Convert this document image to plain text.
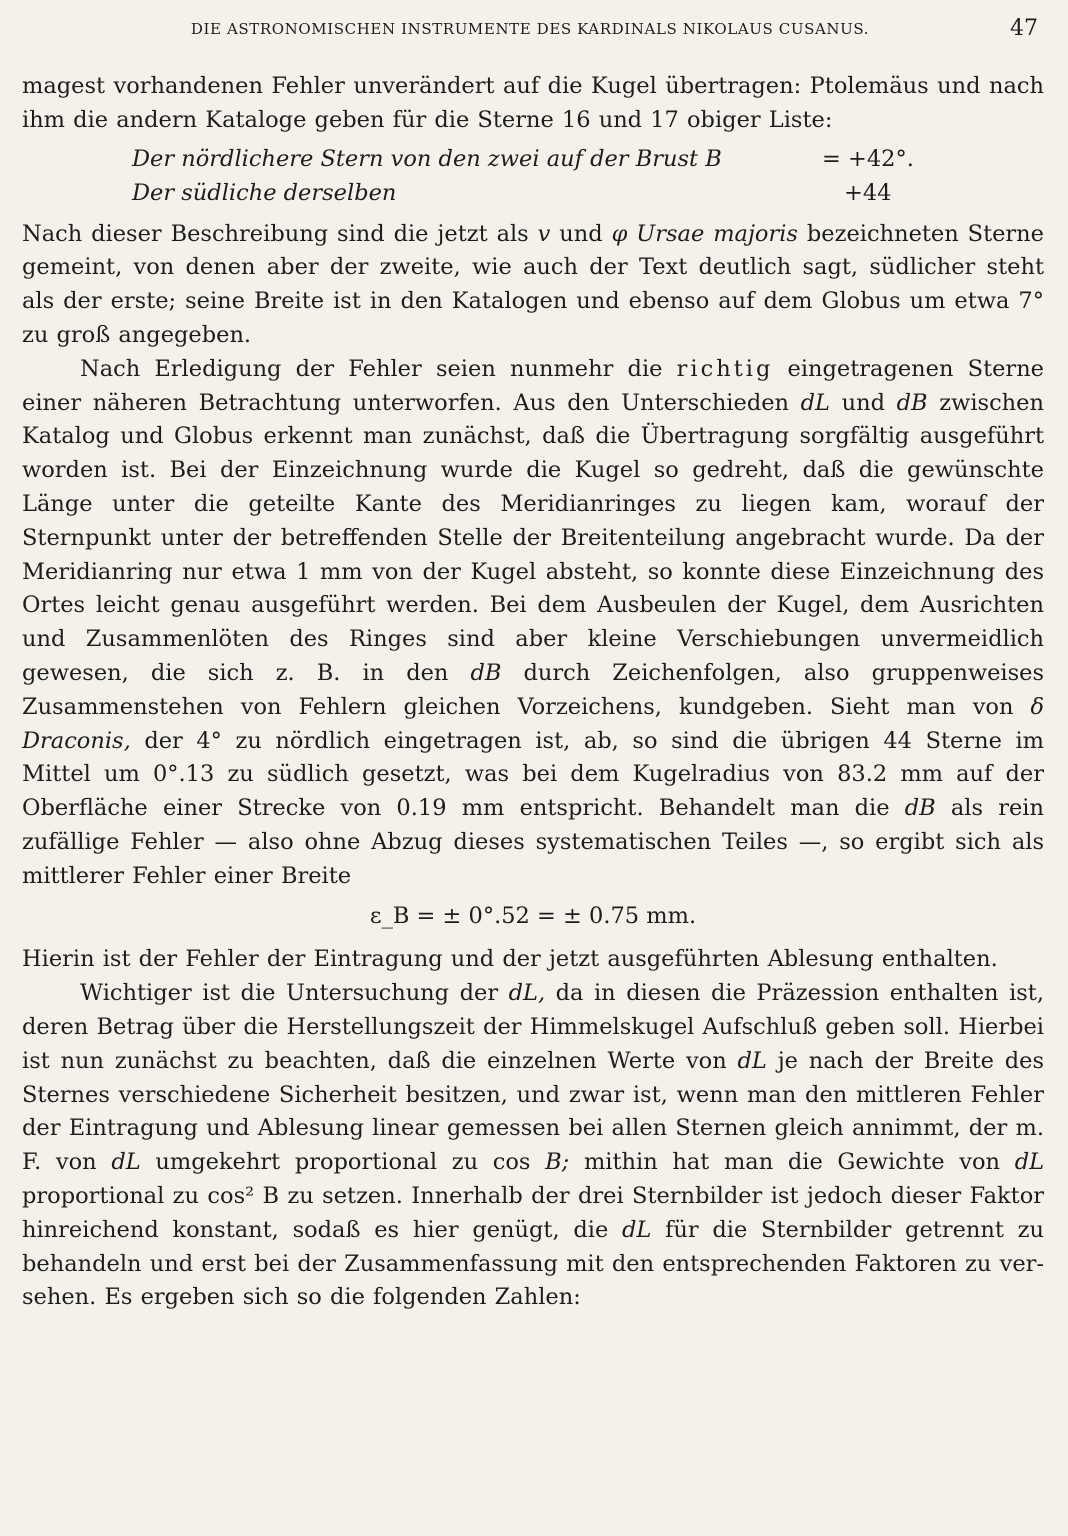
DIE ASTRONOMISCHEN INSTRUMENTE DES KARDINALS NIKOLAUS CUSANUS.	47

magest vorhandenen Fehler unverändert auf die Kugel übertragen: Ptolemäus und nach ihm die andern Kataloge geben für die Sterne 16 und 17 obiger Liste:

Der nördlichere Stern von den zwei auf der Brust B	= +42°.
Der südliche derselben	+44

Nach dieser Beschreibung sind die jetzt als v und φ Ursae majoris bezeichneten Sterne gemeint, von denen aber der zweite, wie auch der Text deutlich sagt, südlicher steht als der erste; seine Breite ist in den Katalogen und ebenso auf dem Globus um etwa 7° zu groß angegeben.

Nach Erledigung der Fehler seien nunmehr die richtig eingetragenen Sterne einer näheren Betrachtung unterworfen. Aus den Unterschieden dL und dB zwischen Katalog und Globus erkennt man zunächst, daß die Übertragung sorgfältig ausgeführt worden ist. Bei der Einzeichnung wurde die Kugel so gedreht, daß die gewünschte Länge unter die geteilte Kante des Meridianringes zu liegen kam, worauf der Sternpunkt unter der betreffenden Stelle der Breitenteilung angebracht wurde. Da der Meridianring nur etwa 1 mm von der Kugel absteht, so konnte diese Einzeichnung des Ortes leicht genau ausgeführt werden. Bei dem Ausbeulen der Kugel, dem Ausrichten und Zusammenlöten des Ringes sind aber kleine Verschiebungen unvermeidlich gewesen, die sich z. B. in den dB durch Zeichenfolgen, also gruppenweises Zusammenstehen von Fehlern gleichen Vorzeichens, kundgeben. Sieht man von δ Draconis, der 4° zu nördlich eingetragen ist, ab, so sind die übrigen 44 Sterne im Mittel um 0°.13 zu südlich gesetzt, was bei dem Kugelradius von 83.2 mm auf der Oberfläche einer Strecke von 0.19 mm entspricht. Behandelt man die dB als rein zufällige Fehler — also ohne Abzug dieses systematischen Teiles —, so ergibt sich als mittlerer Fehler einer Breite

ε_B = ± 0°.52 = ± 0.75 mm.

Hierin ist der Fehler der Eintragung und der jetzt ausgeführten Ablesung enthalten.

Wichtiger ist die Untersuchung der dL, da in diesen die Präzession enthalten ist, deren Betrag über die Herstellungszeit der Himmelskugel Aufschluß geben soll. Hierbei ist nun zunächst zu beachten, daß die einzelnen Werte von dL je nach der Breite des Sternes verschiedene Sicherheit besitzen, und zwar ist, wenn man den mittleren Fehler der Eintragung und Ablesung linear gemessen bei allen Sternen gleich annimmt, der m. F. von dL umgekehrt proportional zu cos B; mithin hat man die Gewichte von dL proportional zu cos² B zu setzen. Innerhalb der drei Sternbilder ist jedoch dieser Faktor hinreichend konstant, sodaß es hier genügt, die dL für die Sternbilder getrennt zu behandeln und erst bei der Zusammenfassung mit den entsprechenden Faktoren zu ver- sehen. Es ergeben sich so die folgenden Zahlen:
